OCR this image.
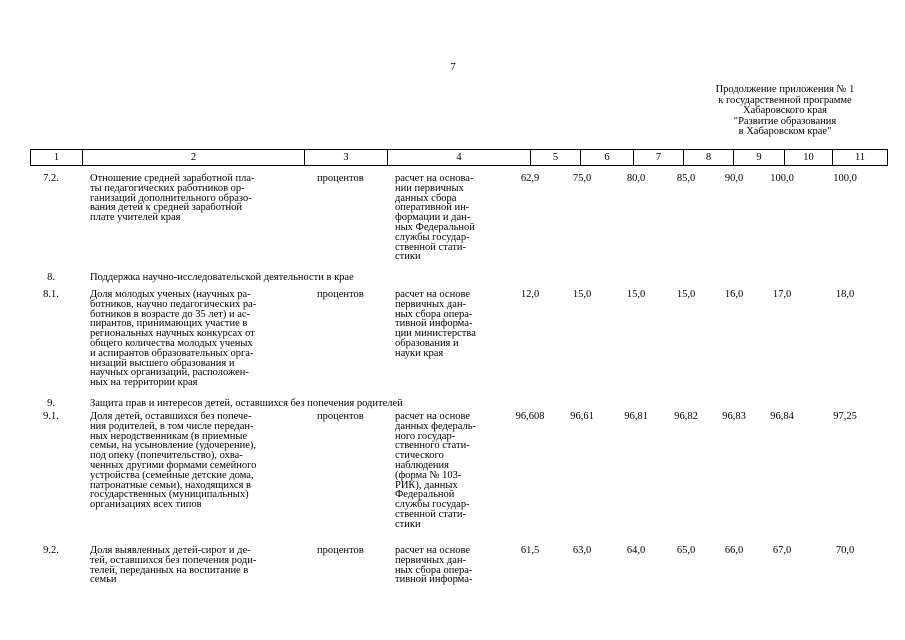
7
Продолжение приложения № 1
к государственной программе
Хабаровского края
"Развитие образования
в Хабаровском крае"
1	2	3	4	5	6	7	8	9	10	11
7.2.	Отношение средней заработной пла-
ты педагогических работников ор-
ганизаций дополнительного образо-
вания детей к средней заработной
плате учителей края
процентов	расчет на основа-
нии первичных
данных сбора
оперативной ин-
формации и дан-
ных Федеральной
службы государ-
ственной стати-
стики
62,9	75,0	80,0	85,0	90,0	100,0	100,0
8.	Поддержка научно-исследовательской деятельности в крае
8.1.	Доля молодых ученых (научных ра-
ботников, научно педагогических ра-
ботников в возрасте до 35 лет) и ас-
пирантов, принимающих участие в
региональных научных конкурсах от
общего количества молодых ученых
и аспирантов образовательных орга-
низаций высшего образования и
научных организаций, расположен-
ных на территории края
процентов	расчет на основе
первичных дан-
ных сбора опера-
тивной информа-
ции министерства
образования и
науки края
12,0	15,0	15,0	15,0	16,0	17,0	18,0
9.	Защита прав и интересов детей, оставшихся без попечения родителей
9.1.	Доля детей, оставшихся без попече-
ния родителей, в том числе передан-
ных неродственникам (в приемные
семьи, на усыновление (удочерение),
под опеку (попечительство), охва-
ченных другими формами семейного
устройства (семейные детские дома,
патронатные семьи), находящихся в
государственных (муниципальных)
организациях всех типов
процентов	расчет на основе
данных федераль-
ного государ-
ственного стати-
стического
наблюдения
(форма № 103-
РИК), данных
Федеральной
службы государ-
ственной стати-
стики
96,608	96,61	96,81	96,82	96,83	96,84	97,25
9.2.	Доля выявленных детей-сирот и де-
тей, оставшихся без попечения роди-
телей, переданных на воспитание в
семьи
процентов	расчет на основе
первичных дан-
ных сбора опера-
тивной информа-
61,5	63,0	64,0	65,0	66,0	67,0	70,0
